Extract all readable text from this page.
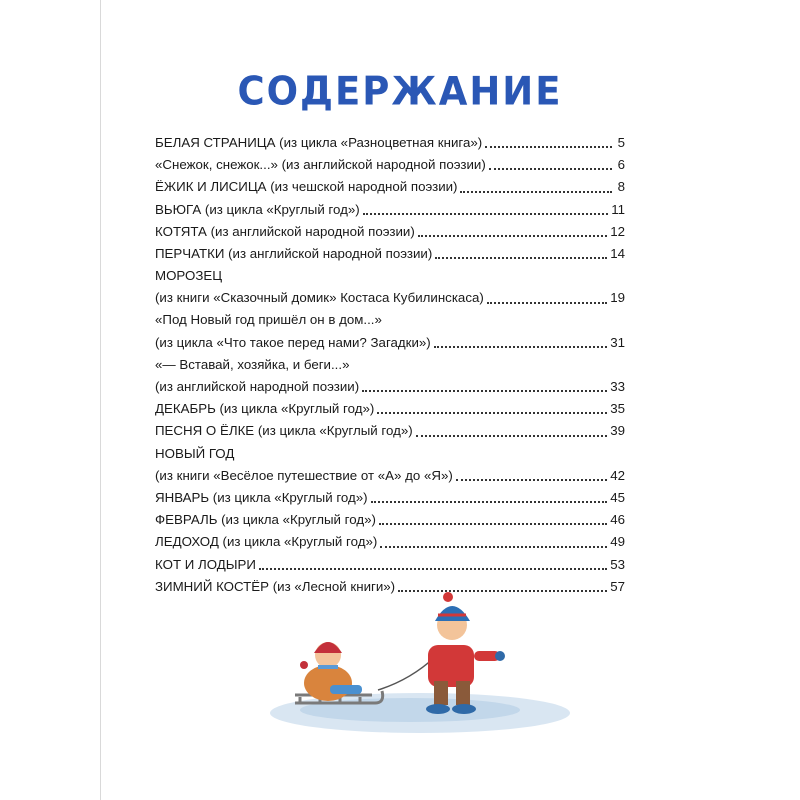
СОДЕРЖАНИЕ
БЕЛАЯ СТРАНИЦА (из цикла «Разноцветная книга»)	5
«Снежок, снежок...» (из английской народной поэзии)	6
ЁЖИК И ЛИСИЦА (из чешской народной поэзии)	8
ВЬЮГА (из цикла «Круглый год»)	11
КОТЯТА (из английской народной поэзии)	12
ПЕРЧАТКИ (из английской народной поэзии)	14
МОРОЗЕЦ
(из книги «Сказочный домик» Костаса Кубилинскаса)	19
«Под Новый год пришёл он в дом...»
(из цикла «Что такое перед нами? Загадки»)	31
«— Вставай, хозяйка, и беги...»
(из английской народной поэзии)	33
ДЕКАБРЬ (из цикла «Круглый год»)	35
ПЕСНЯ О ЁЛКЕ (из цикла «Круглый год»)	39
НОВЫЙ ГОД
(из книги «Весёлое путешествие от «А» до «Я»)	42
ЯНВАРЬ (из цикла «Круглый год»)	45
ФЕВРАЛЬ (из цикла «Круглый год»)	46
ЛЕДОХОД (из цикла «Круглый год»)	49
КОТ И ЛОДЫРИ	53
ЗИМНИЙ КОСТЁР (из «Лесной книги»)	57
